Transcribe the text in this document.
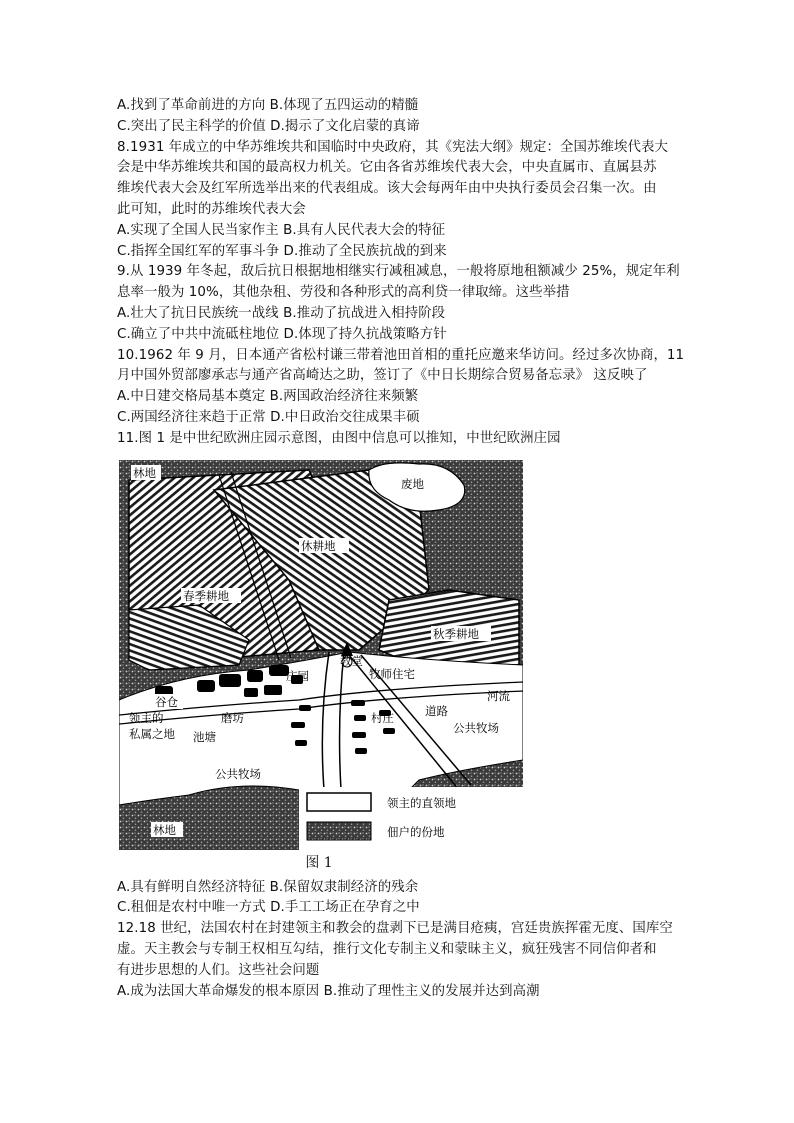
A.找到了革命前进的方向 B.体现了五四运动的精髓
C.突出了民主科学的价值 D.揭示了文化启蒙的真谛
8.1931 年成立的中华苏维埃共和国临时中央政府，其《宪法大纲》规定：全国苏维埃代表大
会是中华苏维埃共和国的最高权力机关。它由各省苏维埃代表大会，中央直属市、直属县苏
维埃代表大会及红军所选举出来的代表组成。该大会每两年由中央执行委员会召集一次。由
此可知，此时的苏维埃代表大会
A.实现了全国人民当家作主 B.具有人民代表大会的特征
C.指挥全国红军的军事斗争 D.推动了全民族抗战的到来
9.从 1939 年冬起，敌后抗日根据地相继实行减租减息，一般将原地租额减少 25%，规定年利
息率一般为 10%，其他杂租、劳役和各种形式的高利贷一律取缔。这些举措
A.壮大了抗日民族统一战线 B.推动了抗战进入相持阶段
C.确立了中共中流砥柱地位 D.体现了持久抗战策略方针
10.1962 年 9 月，日本通产省松村谦三带着池田首相的重托应邀来华访问。经过多次协商，11
月中国外贸部廖承志与通产省高崎达之助，签订了《中日长期综合贸易备忘录》 这反映了
A.中日建交格局基本奠定 B.两国政治经济往来频繁
C.两国经济往来趋于正常 D.中日政治交往成果丰硕
11.图 1 是中世纪欧洲庄园示意图，由图中信息可以推知，中世纪欧洲庄园
林地
废地
休耕地
春季耕地
秋季耕地
教堂
庄园	牧师住宅
谷仓	河流
领主的
私属之地
磨坊
池塘
村庄	道路
公共牧场
公共牧场
林地
领主的直领地
佃户的份地
图 1
A.具有鲜明自然经济特征 B.保留奴隶制经济的残余
C.租佃是农村中唯一方式 D.手工工场正在孕育之中
12.18 世纪，法国农村在封建领主和教会的盘剥下已是满目疮痍，宫廷贵族挥霍无度、国库空
虚。天主教会与专制王权相互勾结，推行文化专制主义和蒙昧主义，疯狂残害不同信仰者和
有进步思想的人们。这些社会问题
A.成为法国大革命爆发的根本原因 B.推动了理性主义的发展并达到高潮
